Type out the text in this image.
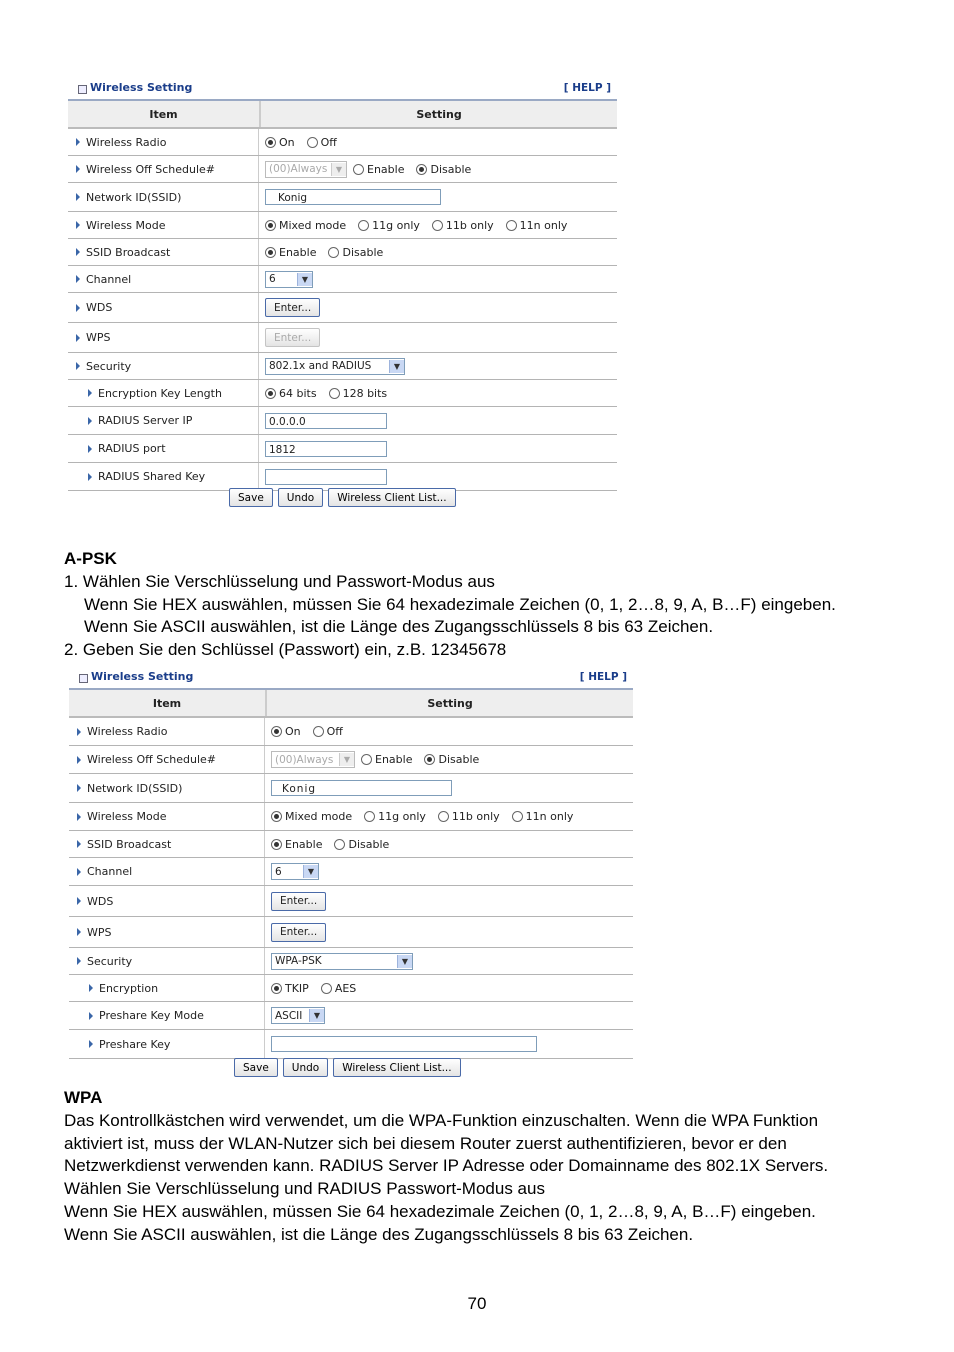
Wireless Setting	[ HELP ]
Item	Setting
Wireless Radio	On Off
Wireless Off Schedule#	(00)Always	▼	Enable Disable
Network ID(SSID)	Konig
Wireless Mode	Mixed mode 11g only 11b only 11n only
SSID Broadcast	Enable Disable
Channel	6	▼
WDS	Enter...
WPS	Enter...
Security	802.1x and RADIUS	▼
Encryption Key Length	64 bits 128 bits
RADIUS Server IP	0.0.0.0
RADIUS port	1812
RADIUS Shared Key
Save	Undo	Wireless Client List...
A-PSK
1. Wählen Sie Verschlüsselung und Passwort-Modus aus
Wenn Sie HEX auswählen, müssen Sie 64 hexadezimale Zeichen (0, 1, 2…8, 9, A, B…F) eingeben.
Wenn Sie ASCII auswählen, ist die Länge des Zugangsschlüssels 8 bis 63 Zeichen.
2. Geben Sie den Schlüssel (Passwort) ein, z.B. 12345678
Wireless Setting	[ HELP ]
Item	Setting
Wireless Radio	On Off
Wireless Off Schedule#	(00)Always	▼	Enable Disable
Network ID(SSID)	Konig
Wireless Mode	Mixed mode 11g only 11b only 11n only
SSID Broadcast	Enable Disable
Channel	6	▼
WDS	Enter...
WPS	Enter...
Security	WPA-PSK	▼
Encryption	TKIP AES
Preshare Key Mode	ASCII	▼
Preshare Key
Save	Undo	Wireless Client List...
WPA
Das Kontrollkästchen wird verwendet, um die WPA-Funktion einzuschalten. Wenn die WPA Funktion
aktiviert ist, muss der WLAN-Nutzer sich bei diesem Router zuerst authentifizieren, bevor er den
Netzwerkdienst verwenden kann. RADIUS Server IP Adresse oder Domainname des 802.1X Servers.
Wählen Sie Verschlüsselung und RADIUS Passwort-Modus aus
Wenn Sie HEX auswählen, müssen Sie 64 hexadezimale Zeichen (0, 1, 2…8, 9, A, B…F) eingeben.
Wenn Sie ASCII auswählen, ist die Länge des Zugangsschlüssels 8 bis 63 Zeichen.
70
